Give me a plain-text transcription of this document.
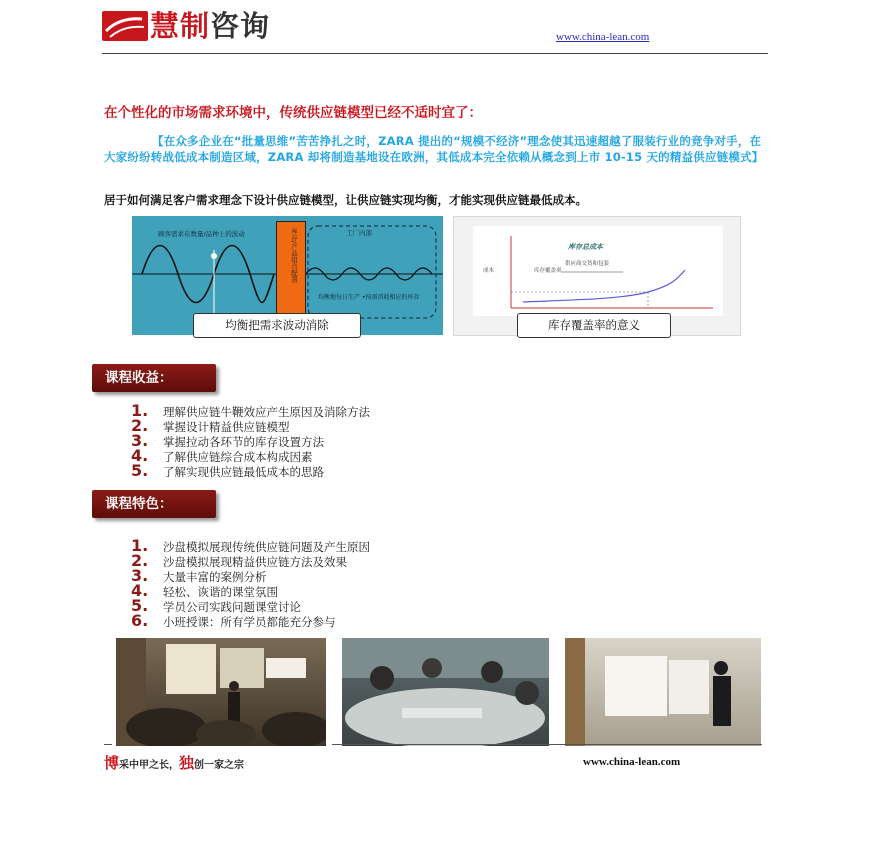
慧制咨询	www.china-lean.com
在个性化的市场需求环境中，传统供应链模型已经不适时宜了：
【在众多企业在“批量思维”苦苦挣扎之时，ZARA 提出的“规模不经济”理念使其迅速超越了服装行业的竞争对手，在大家纷纷转战低成本制造区域，ZARA 却将制造基地设在欧洲，其低成本完全依赖从概念到上市 10-15 天的精益供应链模式】
居于如何满足客户需求理念下设计供应链模型，让供应链实现均衡，才能实现供应链最低成本。
顾客需求在数量/品种上的波动	库存/产品组合配置	工厂内部
均衡地每日生产 •按需消耗相应的库存
均衡把需求波动消除
库存总成本
成本	库存覆盖率
供应商交货和包装
库存覆盖率的意义
课程收益：
1. 理解供应链牛鞭效应产生原因及消除方法
2. 掌握设计精益供应链模型
3. 掌握拉动各环节的库存设置方法
4. 了解供应链综合成本构成因素
5. 了解实现供应链最低成本的思路
课程特色：
1. 沙盘模拟展现传统供应链问题及产生原因
2. 沙盘模拟展现精益供应链方法及效果
3. 大量丰富的案例分析
4. 轻松、诙谐的课堂氛围
5. 学员公司实践问题课堂讨论
6. 小班授课：所有学员都能充分参与
博采中甲之长，独创一家之宗	www.china-lean.com
